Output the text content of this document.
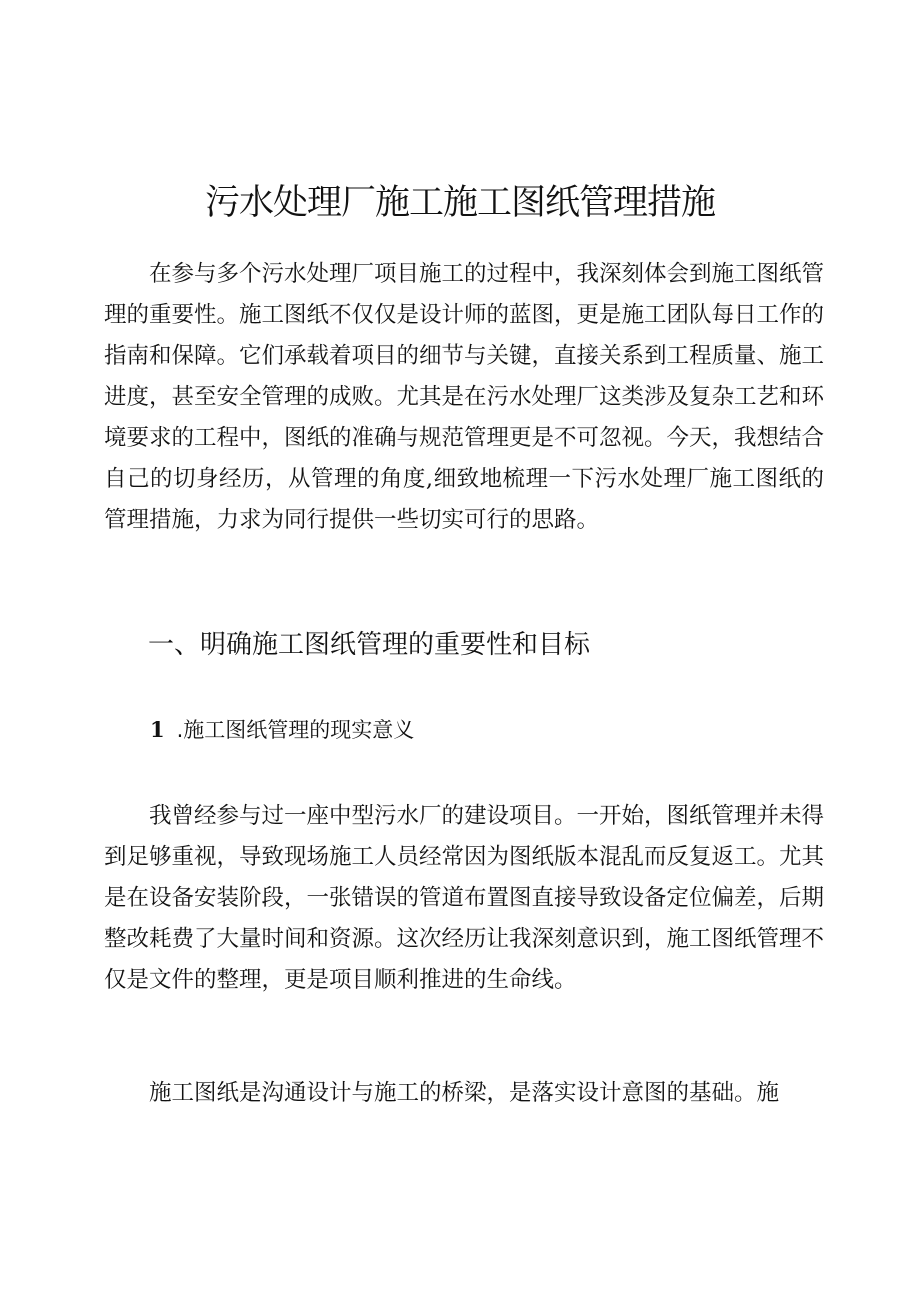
污水处理厂施工施工图纸管理措施

在参与多个污水处理厂项目施工的过程中，我深刻体会到施工图纸管理的重要性。施工图纸不仅仅是设计师的蓝图，更是施工团队每日工作的指南和保障。它们承载着项目的细节与关键，直接关系到工程质量、施工进度，甚至安全管理的成败。尤其是在污水处理厂这类涉及复杂工艺和环境要求的工程中，图纸的准确与规范管理更是不可忽视。今天，我想结合自己的切身经历，从管理的角度,细致地梳理一下污水处理厂施工图纸的管理措施，力求为同行提供一些切实可行的思路。

一、明确施工图纸管理的重要性和目标
1 .施工图纸管理的现实意义

我曾经参与过一座中型污水厂的建设项目。一开始，图纸管理并未得到足够重视，导致现场施工人员经常因为图纸版本混乱而反复返工。尤其是在设备安装阶段，一张错误的管道布置图直接导致设备定位偏差，后期整改耗费了大量时间和资源。这次经历让我深刻意识到，施工图纸管理不仅是文件的整理，更是项目顺利推进的生命线。

施工图纸是沟通设计与施工的桥梁，是落实设计意图的基础。施
